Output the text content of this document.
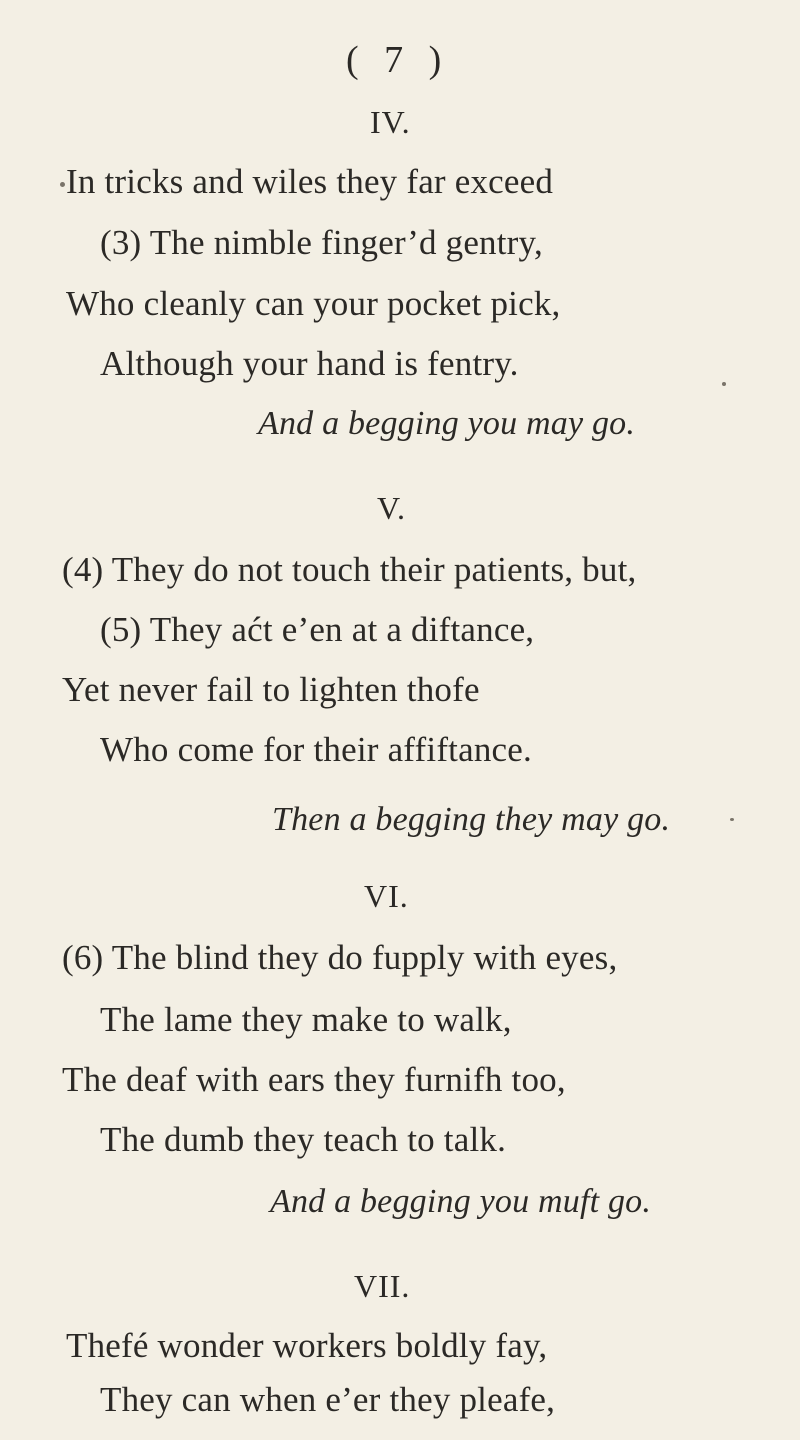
( 7 )
IV.
In tricks and wiles they far exceed
(3) The nimble finger’d gentry,
Who cleanly can your pocket pick,
Although your hand is fentry.
And a begging you may go.
V.
(4) They do not touch their patients, but,
(5) They aćt e’en at a diftance,
Yet never fail to lighten thofe
Who come for their affiftance.
Then a begging they may go.
VI.
(6) The blind they do fupply with eyes,
The lame they make to walk,
The deaf with ears they furnifh too,
The dumb they teach to talk.
And a begging you muft go.
VII.
Thefé wonder workers boldly fay,
They can when e’er they pleafe,
